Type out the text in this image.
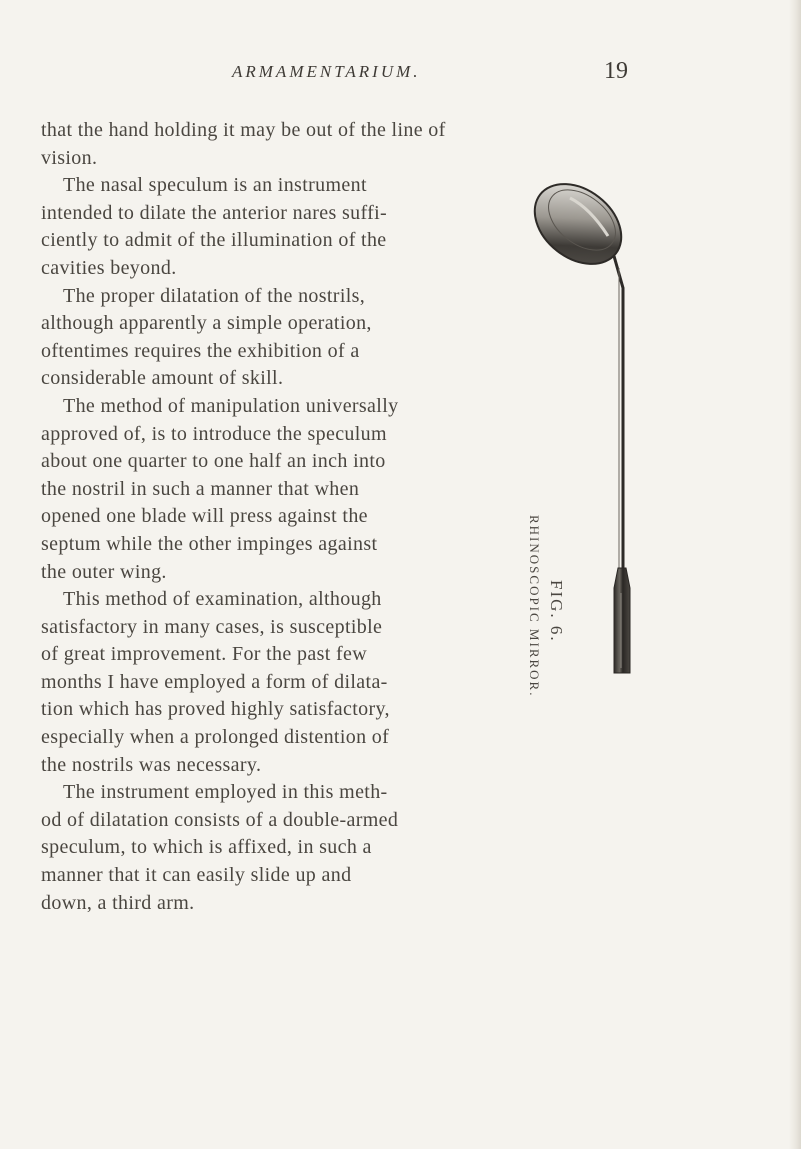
ARMAMENTARIUM.	19

that the hand holding it may be out of the line of
vision.

The nasal speculum is an instrument
intended to dilate the anterior nares suffi-
ciently to admit of the illumination of the
cavities beyond.

The proper dilatation of the nostrils,
although apparently a simple operation,
oftentimes requires the exhibition of a
considerable amount of skill.

The method of manipulation universally
approved of, is to introduce the speculum
about one quarter to one half an inch into
the nostril in such a manner that when
opened one blade will press against the
septum while the other impinges against
the outer wing.

This method of examination, although
satisfactory in many cases, is susceptible
of great improvement. For the past few
months I have employed a form of dilata-
tion which has proved highly satisfactory,
especially when a prolonged distention of
the nostrils was necessary.

The instrument employed in this meth-
od of dilatation consists of a double-armed
speculum, to which is affixed, in such a
manner that it can easily slide up and
down, a third arm.

RHINOSCOPIC MIRROR. FIG. 6.
